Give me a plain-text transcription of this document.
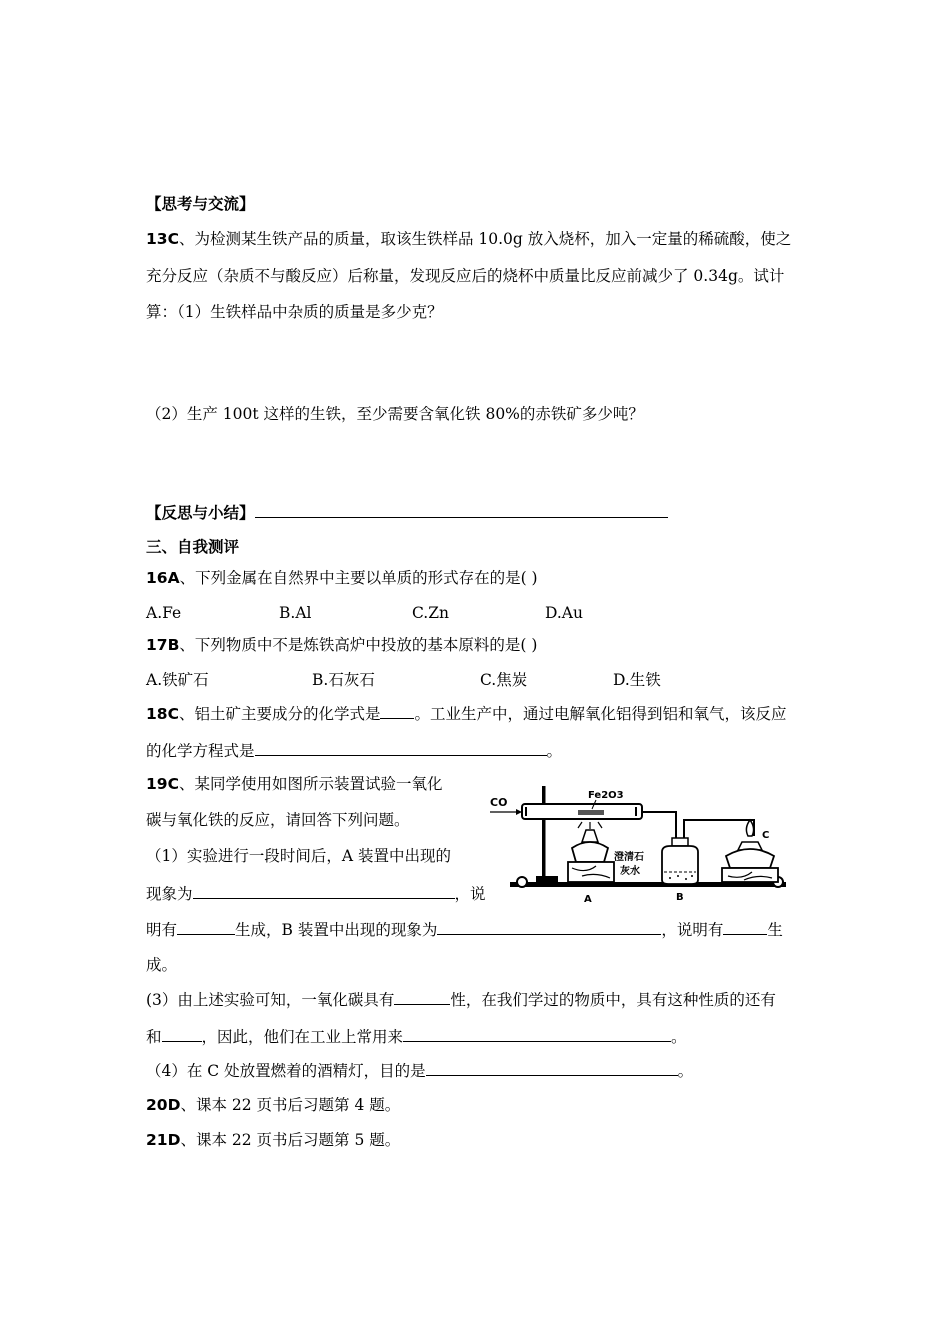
【思考与交流】
13C、为检测某生铁产品的质量，取该生铁样品 10.0g 放入烧杯，加入一定量的稀硫酸，使之
充分反应（杂质不与酸反应）后称量，发现反应后的烧杯中质量比反应前减少了 0.34g。试计
算：（1）生铁样品中杂质的质量是多少克？
（2）生产 100t 这样的生铁，至少需要含氧化铁 80%的赤铁矿多少吨？
【反思与小结】
三、自我测评
16A、下列金属在自然界中主要以单质的形式存在的是( )
A.Fe	B.Al	C.Zn	D.Au
17B、下列物质中不是炼铁高炉中投放的基本原料的是( )
A.铁矿石	B.石灰石	C.焦炭	D.生铁
18C、铝土矿主要成分的化学式是 。工业生产中，通过电解氧化铝得到铝和氧气，该反应
的化学方程式是	。
19C、某同学使用如图所示装置试验一氧化
碳与氧化铁的反应，请回答下列问题。
（1）实验进行一段时间后，A 装置中出现的
现象为	，说
明有	生成，B 装置中出现的现象为	，说明有	生
成。
(3）由上述实验可知，一氧化碳具有	性，在我们学过的物质中，具有这种性质的还有
和	，因此，他们在工业上常用来	。
（4）在 C 处放置燃着的酒精灯，目的是	。
20D、课本 22 页书后习题第 4 题。
21D、课本 22 页书后习题第 5 题。
CO
Fe2O3
A
澄清石
灰水
B
C
